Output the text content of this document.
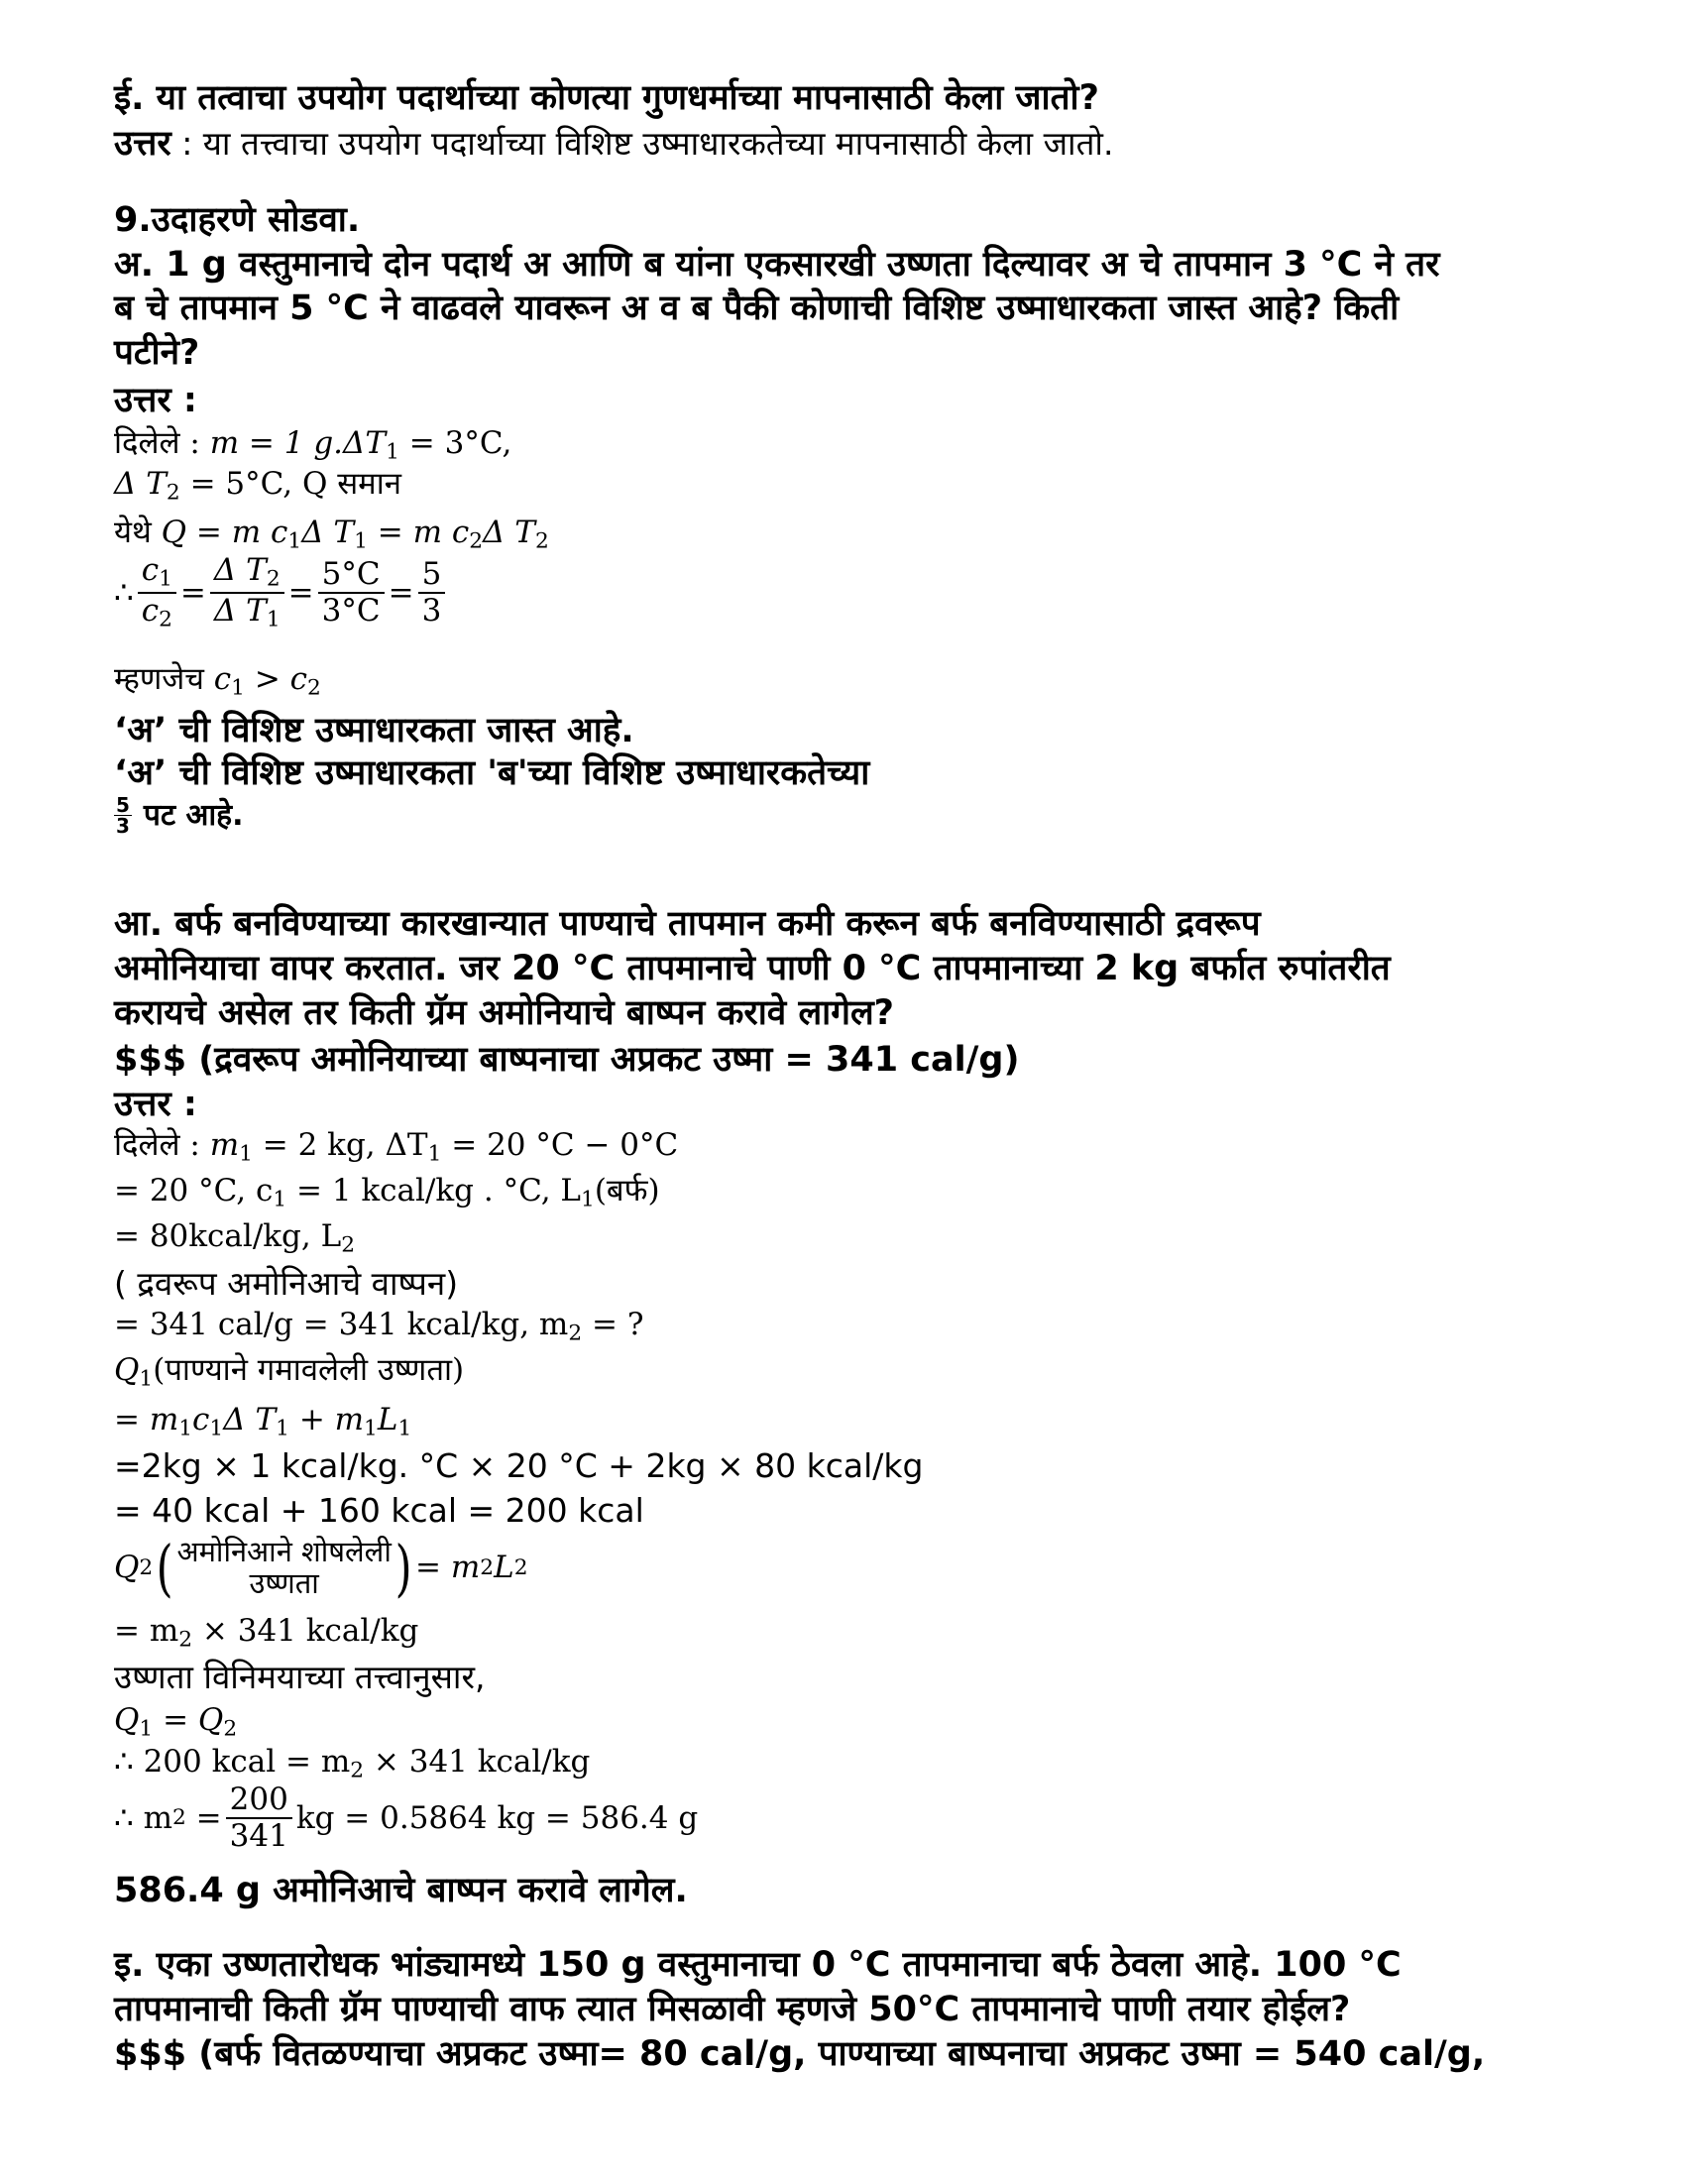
ई. या तत्वाचा उपयोग पदार्थाच्या कोणत्या गुणधर्माच्या मापनासाठी केला जातो?
उत्तर : या तत्त्वाचा उपयोग पदार्थाच्या विशिष्ट उष्माधारकतेच्या मापनासाठी केला जातो.
9.उदाहरणे सोडवा.
अ. 1 g वस्तुमानाचे दोन पदार्थ अ आणि ब यांना एकसारखी उष्णता दिल्यावर अ चे तापमान 3 °C ने तर
ब चे तापमान 5 °C ने वाढवले यावरून अ व ब पैकी कोणाची विशिष्ट उष्माधारकता जास्त आहे? किती
पटीने?
उत्तर :
दिलेले : m = 1 $g.\Delta T_1 = 3^\circ C$,
Δ $T_2 = 5^\circ C$, Q समान
येथे Q = m $c_1\Delta$ $T_1 = m$ $c_2\Delta$ $T_2$
∴ $\frac{c_1}{c_2} = \frac{\Delta T_2}{\Delta T_1} = \frac{5^\circ C}{3^\circ C} = \frac{5}{3}$
म्हणजेच $c_1 > c_2$
‘अ’ ची विशिष्ट उष्माधारकता जास्त आहे.
‘अ’ ची विशिष्ट उष्माधारकता 'ब'च्या विशिष्ट उष्माधारकतेच्या
$\frac{5}{3}$ पट आहे.
आ. बर्फ बनविण्याच्या कारखान्यात पाण्याचे तापमान कमी करून बर्फ बनविण्यासाठी द्रवरूप
अमोनियाचा वापर करतात. जर 20 °C तापमानाचे पाणी 0 °C तापमानाच्या 2 kg बर्फात रुपांतरीत
करायचे असेल तर किती ग्रॅम अमोनियाचे बाष्पन करावे लागेल?
$$$ (द्रवरूप अमोनियाच्या बाष्पनाचा अप्रकट उष्मा = 341 cal/g)
उत्तर :
दिलेले : $m_1 = 2$ kg, $\Delta T_1 = 20$ °C − 0°C
= 20 °C, $c_1 = 1$ kcal/kg . °C, $L_1(बर्फ)$
= 80kcal/kg, $L_2$
( द्रवरूप अमोनिआचे वाष्पन)
= 341 cal/g = 341 kcal/kg, $m_2$ = ?
$Q_1(पाण्याने$ गमावलेली उष्णता)
= $m_1c_1\Delta$ $T_1 + m_1L_1$
=2kg × 1 kcal/kg. °C × 20 °C + 2kg × 80 kcal/kg
= 40 kcal + 160 kcal = 200 kcal
Q 2 ( अमोनिआने शोषलेली
उष्णता ) = m 2 L 2
= $m_2 \times 341$ kcal/kg
उष्णता विनिमयाच्या तत्त्वानुसार,
$Q_1 = Q_2$
∴ 200 kcal = $m_2 \times 341$ kcal/kg
∴ m $2 = \frac{200}{341}$ kg = 0.5864 kg = 586.4 g
586.4 g अमोनिआचे बाष्पन करावे लागेल.
इ. एका उष्णतारोधक भांड्यामध्ये 150 g वस्तुमानाचा 0 °C तापमानाचा बर्फ ठेवला आहे. 100 °C
तापमानाची किती ग्रॅम पाण्याची वाफ त्यात मिसळावी म्हणजे 50°C तापमानाचे पाणी तयार होईल?
$$$ (बर्फ वितळण्याचा अप्रकट उष्मा= 80 cal/g, पाण्याच्या बाष्पनाचा अप्रकट उष्मा = 540 cal/g,
